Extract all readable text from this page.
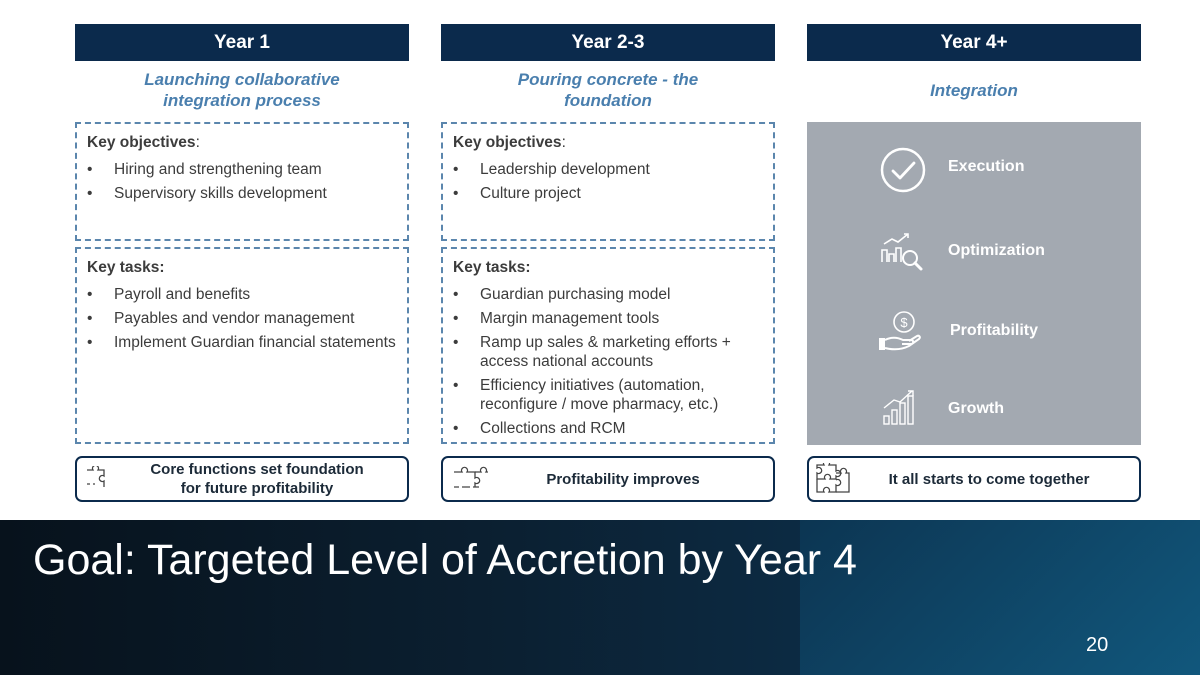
Year 1
Launching collaborative integration process
Key objectives:
• Hiring and strengthening team
• Supervisory skills development
Key tasks:
• Payroll and benefits
• Payables and vendor management
• Implement Guardian financial statements
Core functions set foundation
for future profitability
Year 2-3
Pouring concrete - the foundation
Key objectives:
• Leadership development
• Culture project
Key tasks:
• Guardian purchasing model
• Margin management tools
• Ramp up sales & marketing efforts + access national accounts
• Efficiency initiatives (automation, reconfigure / move pharmacy, etc.)
• Collections and RCM
Profitability improves
Year 4+
Integration
Execution
Optimization
$	Profitability
Growth
It all starts to come together
Goal: Targeted Level of Accretion by Year 4
20
